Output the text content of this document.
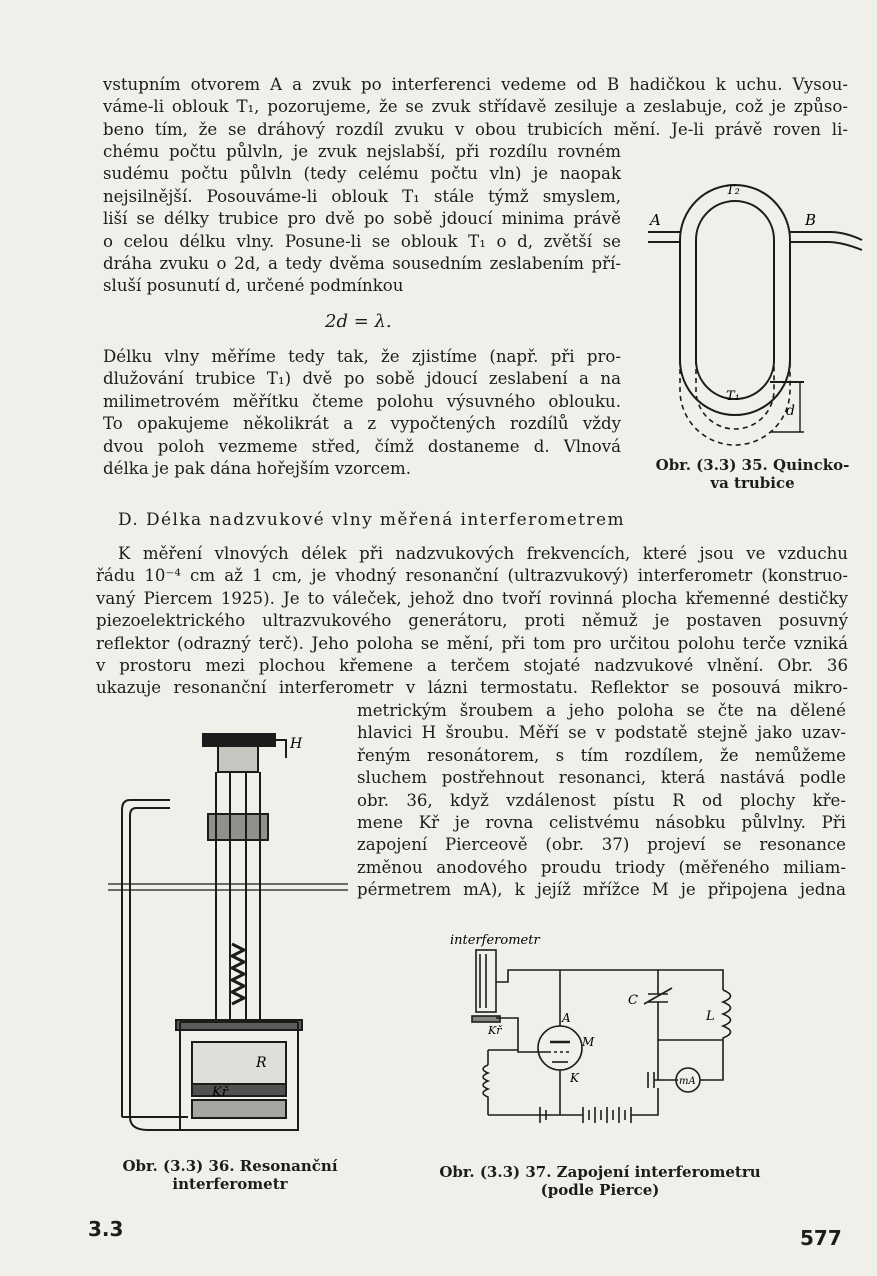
vstupním otvorem A a zvuk po interferenci vedeme od B hadičkou k uchu. Vysou-
váme-li oblouk T₁, pozorujeme, že se zvuk střídavě zesiluje a zeslabuje, což je způso-
beno tím, že se dráhový rozdíl zvuku v obou trubicích mění. Je-li právě roven li-
chému počtu půlvln, je zvuk nejslabší, při rozdílu rovném
sudému počtu půlvln (tedy celému počtu vln) je naopak
nejsilnější. Posouváme-li oblouk T₁ stále týmž smyslem,
liší se délky trubice pro dvě po sobě jdoucí minima právě
o celou délku vlny. Posune-li se oblouk T₁ o d, zvětší se
dráha zvuku o 2d, a tedy dvěma sousedním zeslabením pří-
sluší posunutí d, určené podmínkou
2d = λ.
Délku vlny měříme tedy tak, že zjistíme (např. při pro-
dlužování trubice T₁) dvě po sobě jdoucí zeslabení a na
milimetrovém měřítku čteme polohu výsuvného oblouku.
To opakujeme několikrát a z vypočtených rozdílů vždy
dvou poloh vezmeme střed, čímž dostaneme d. Vlnová
délka je pak dána hořejším vzorcem.
A	B
T₂
T₁
d
Obr. (3.3) 35. Quincko-
va trubice
D. Délka nadzvukové vlny měřená interferometrem
K měření vlnových délek při nadzvukových frekvencích, které jsou ve vzduchu
řádu 10⁻⁴ cm až 1 cm, je vhodný resonanční (ultrazvukový) interferometr (konstruo-
vaný Piercem 1925). Je to váleček, jehož dno tvoří rovinná plocha křemenné destičky
piezoelektrického ultrazvukového generátoru, proti němuž je postaven posuvný
reflektor (odrazný terč). Jeho poloha se mění, při tom pro určitou polohu terče vzniká
v prostoru mezi plochou křemene a terčem stojaté nadzvukové vlnění. Obr. 36
ukazuje resonanční interferometr v lázni termostatu. Reflektor se posouvá mikro-
metrickým šroubem a jeho poloha se čte na dělené
hlavici H šroubu. Měří se v podstatě stejně jako uzav-
řeným resonátorem, s tím rozdílem, že nemůžeme
sluchem postřehnout resonanci, která nastává podle
obr. 36, když vzdálenost pístu R od plochy kře-
mene Kř je rovna celistvému násobku půlvlny. Při
zapojení Pierceově (obr. 37) projeví se resonance
změnou anodového proudu triody (měřeného miliam-
pérmetrem mA), k jejíž mřížce M je připojena jedna
H
R
Kř
Obr. (3.3) 36. Resonanční
interferometr
interferometr
Kř
A
M
K
C
L
mA
Obr. (3.3) 37. Zapojení interferometru
(podle Pierce)
3.3	577
